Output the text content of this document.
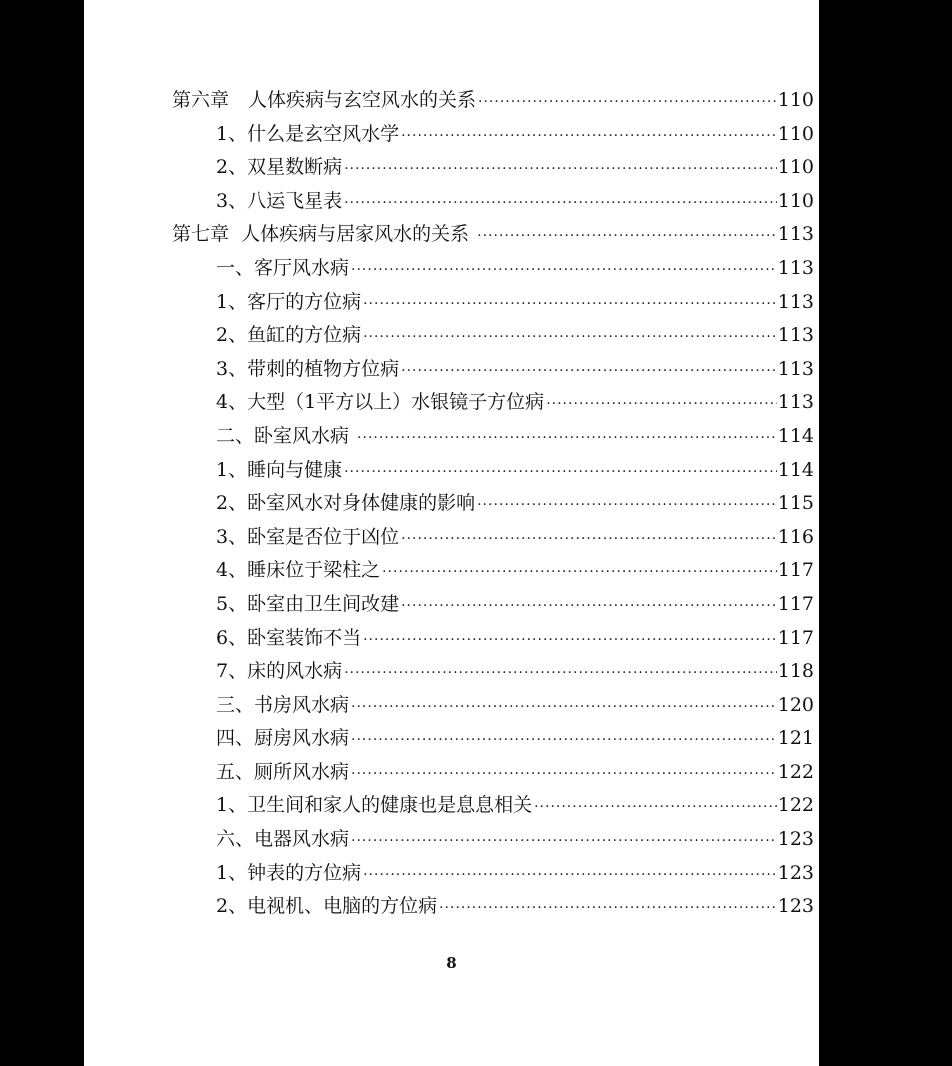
第六章　人体疾病与玄空风水的关系 ·····	110
1、什么是玄空风水学 ·····	110
2、双星数断病 ·····	110
3、八运飞星表 ·····	110
第七章  人体疾病与居家风水的关系 ·····	113
一、客厅风水病 ·····	113
1、客厅的方位病 ·····	113
2、鱼缸的方位病 ·····	113
3、带刺的植物方位病 ·····	113
4、大型（1平方以上）水银镜子方位病 ·····	113
二、卧室风水病 ·····	114
1、睡向与健康 ·····	114
2、卧室风水对身体健康的影响 ·····	115
3、卧室是否位于凶位 ·····	116
4、睡床位于梁柱之 ·····	117
5、卧室由卫生间改建 ·····	117
6、卧室装饰不当 ·····	117
7、床的风水病 ·····	118
三、书房风水病 ·····	120
四、厨房风水病 ·····	121
五、厕所风水病 ·····	122
1、卫生间和家人的健康也是息息相关 ·····	122
六、电器风水病 ·····	123
1、钟表的方位病 ·····	123
2、电视机、电脑的方位病 ·····	123
8
